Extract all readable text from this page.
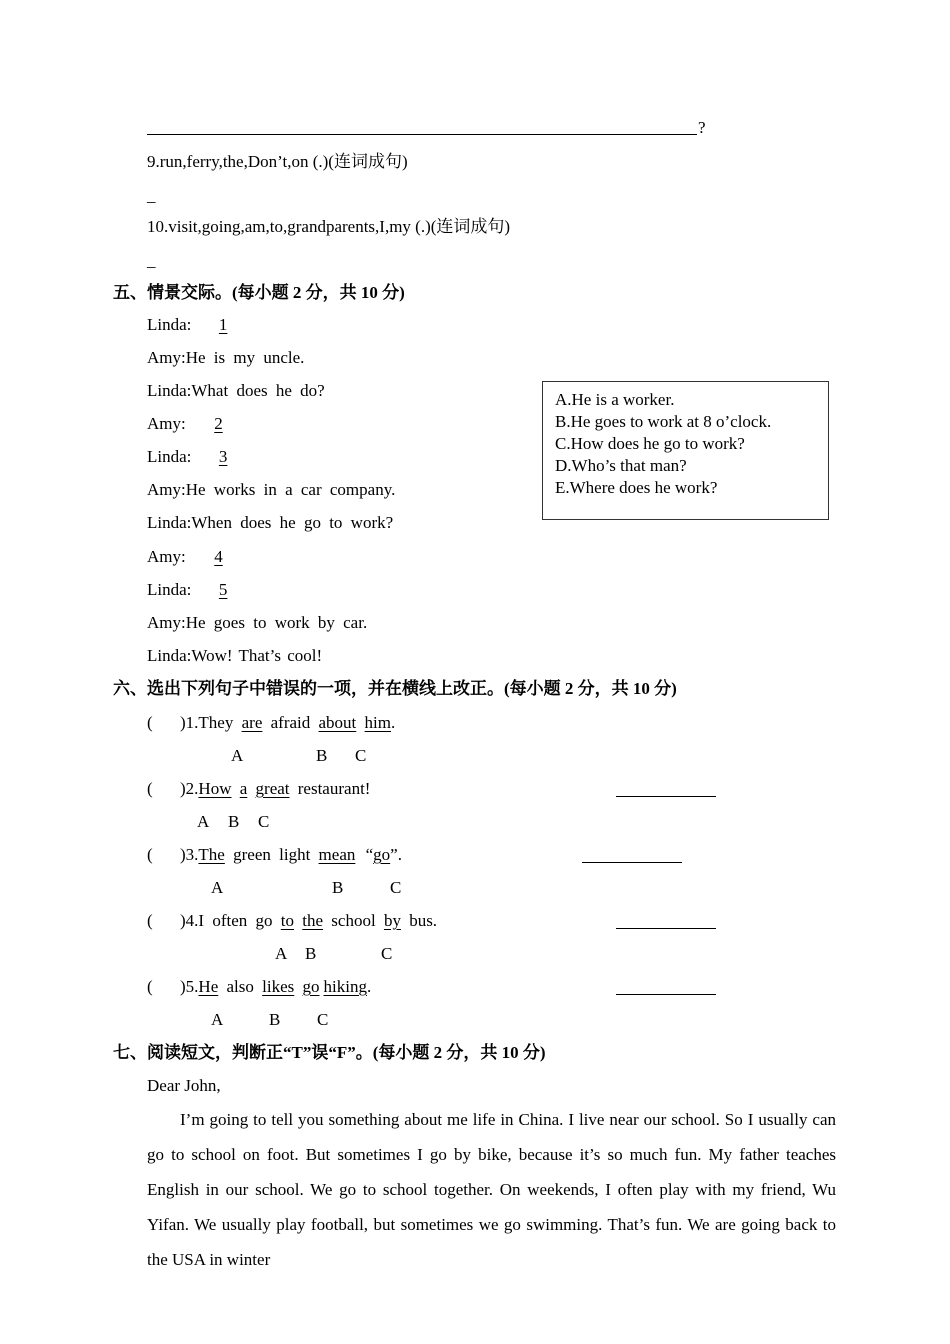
?
9.run,ferry,the,Don’t,on (.)(连词成句)
_
10.visit,going,am,to,grandparents,I,my (.)(连词成句)
_
五、情景交际。(每小题 2 分，共 10 分)
Linda: 1
Amy:He is my uncle.
Linda:What does he do?
Amy: 2
Linda: 3
Amy:He works in a car company.
Linda:When does he go to work?
Amy: 4
Linda: 5
Amy:He goes to work by car.
Linda:Wow! That’s cool!
A.He is a worker.
B.He goes to work at 8 o’clock.
C.How does he go to work?
D.Who’s that man?
E.Where does he work?
六、选出下列句子中错误的一项，并在横线上改正。(每小题 2 分，共 10 分)
( )1.They are afraid about him.
A	B C
( )2.How a great restaurant!
A B C
( )3.The green light mean “go”.
A	B	C
( )4.I often go to the school by bus.
A B	C
( )5.He also likes go hiking.
A	B C
七、阅读短文，判断正“T”误“F”。(每小题 2 分，共 10 分)
Dear John,
I’m going to tell you something about me life in China. I live near our school. So I usually can go to school on foot. But sometimes I go by bike, because it’s so much fun. My father teaches English in our school. We go to school together. On weekends, I often play with my friend, Wu Yifan. We usually play football, but sometimes we go swimming. That’s fun. We are going back to the USA in winter
